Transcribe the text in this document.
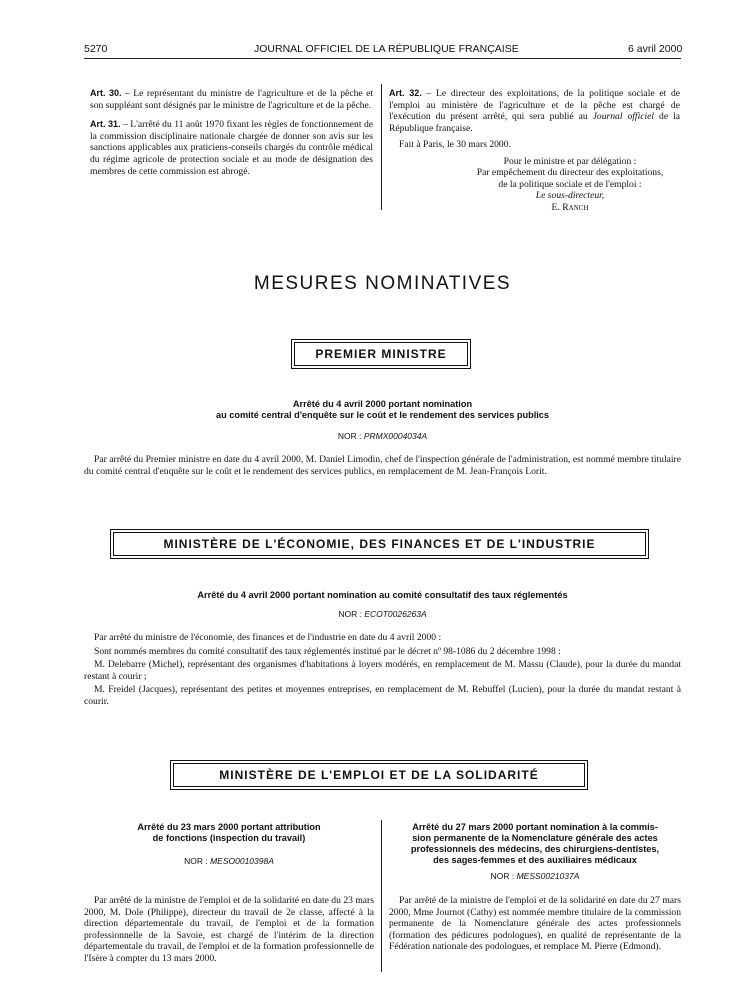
5270	JOURNAL OFFICIEL DE LA RÉPUBLIQUE FRANÇAISE	6 avril 2000

Art. 30. – Le représentant du ministre de l'agriculture et de la pêche et son suppléant sont désignés par le ministre de l'agriculture et de la pêche.

Art. 31. – L'arrêté du 11 août 1970 fixant les règles de fonctionnement de la commission disciplinaire nationale chargée de donner son avis sur les sanctions applicables aux praticiens-conseils chargés du contrôle médical du régime agricole de protection sociale et au mode de désignation des membres de cette commission est abrogé.

Art. 32. – Le directeur des exploitations, de la politique sociale et de l'emploi au ministère de l'agriculture et de la pêche est chargé de l'exécution du présent arrêté, qui sera publié au Journal officiel de la République française.

Fait à Paris, le 30 mars 2000.

Pour le ministre et par délégation :
Par empêchement du directeur des exploitations,
de la politique sociale et de l'emploi :
Le sous-directeur,
E. Ranch
MESURES NOMINATIVES
PREMIER MINISTRE
Arrêté du 4 avril 2000 portant nomination
au comité central d'enquête sur le coût et le rendement des services publics
NOR : PRMX0004034A

Par arrêté du Premier ministre en date du 4 avril 2000, M. Daniel Limodin, chef de l'inspection générale de l'administration, est nommé membre titulaire du comité central d'enquête sur le coût et le rendement des services publics, en remplacement de M. Jean-François Lorit.

MINISTÈRE DE L'ÉCONOMIE, DES FINANCES ET DE L'INDUSTRIE
Arrêté du 4 avril 2000 portant nomination au comité consultatif des taux réglementés
NOR : ECOT0026263A

Par arrêté du ministre de l'économie, des finances et de l'industrie en date du 4 avril 2000 :

Sont nommés membres du comité consultatif des taux réglementés institué par le décret nº 98-1086 du 2 décembre 1998 :

M. Delebarre (Michel), représentant des organismes d'habitations à loyers modérés, en remplacement de M. Massu (Claude), pour la durée du mandat restant à courir ;

M. Freidel (Jacques), représentant des petites et moyennes entreprises, en remplacement de M. Rebuffel (Lucien), pour la durée du mandat restant à courir.

MINISTÈRE DE L'EMPLOI ET DE LA SOLIDARITÉ
Arrêté du 23 mars 2000 portant attribution
de fonctions (inspection du travail)
NOR : MESO0010398A

Par arrêté de la ministre de l'emploi et de la solidarité en date du 23 mars 2000, M. Dole (Philippe), directeur du travail de 2e classe, affecté à la direction départementale du travail, de l'emploi et de la formation professionnelle de la Savoie, est chargé de l'intérim de la direction départementale du travail, de l'emploi et de la formation professionnelle de l'Isère à compter du 13 mars 2000.

Arrêté du 27 mars 2000 portant nomination à la commis-
sion permanente de la Nomenclature générale des actes
professionnels des médecins, des chirurgiens-dentistes,
des sages-femmes et des auxiliaires médicaux
NOR : MESS0021037A

Par arrêté de la ministre de l'emploi et de la solidarité en date du 27 mars 2000, Mme Journot (Cathy) est nommée membre titulaire de la commission permanente de la Nomenclature générale des actes professionnels (formation des pédicures podologues), en qualité de représentante de la Fédération nationale des podologues, et remplace M. Pierre (Edmond).
